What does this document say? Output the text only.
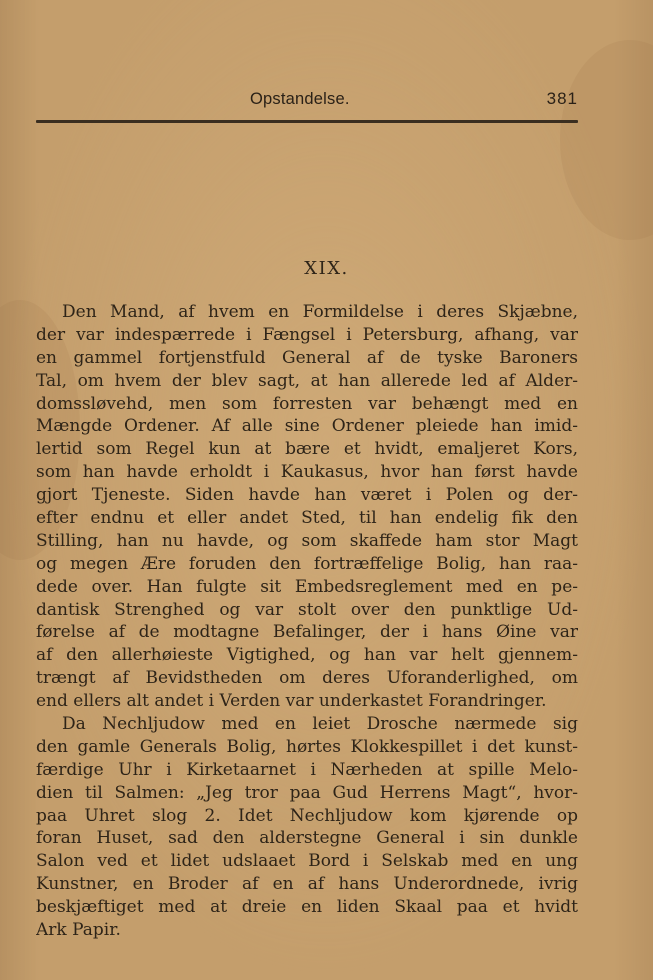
Opstandelse.	381
XIX.
Den Mand, af hvem en Formildelse i deres Skjæbne,
der var indespærrede i Fængsel i Petersburg, afhang, var
en gammel fortjenstfuld General af de tyske Baroners
Tal, om hvem der blev sagt, at han allerede led af Alder-
domssløvehd, men som forresten var behængt med en
Mængde Ordener. Af alle sine Ordener pleiede han imid-
lertid som Regel kun at bære et hvidt, emaljeret Kors,
som han havde erholdt i Kaukasus, hvor han først havde
gjort Tjeneste. Siden havde han været i Polen og der-
efter endnu et eller andet Sted, til han endelig fik den
Stilling, han nu havde, og som skaffede ham stor Magt
og megen Ære foruden den fortræffelige Bolig, han raa-
dede over. Han fulgte sit Embedsreglement med en pe-
dantisk Strenghed og var stolt over den punktlige Ud-
førelse af de modtagne Befalinger, der i hans Øine var
af den allerhøieste Vigtighed, og han var helt gjennem-
trængt af Bevidstheden om deres Uforanderlighed, om
end ellers alt andet i Verden var underkastet Forandringer.
Da Nechljudow med en leiet Drosche nærmede sig
den gamle Generals Bolig, hørtes Klokkespillet i det kunst-
færdige Uhr i Kirketaarnet i Nærheden at spille Melo-
dien til Salmen: „Jeg tror paa Gud Herrens Magt“, hvor-
paa Uhret slog 2. Idet Nechljudow kom kjørende op
foran Huset, sad den alderstegne General i sin dunkle
Salon ved et lidet udslaaet Bord i Selskab med en ung
Kunstner, en Broder af en af hans Underordnede, ivrig
beskjæftiget med at dreie en liden Skaal paa et hvidt
Ark Papir.
